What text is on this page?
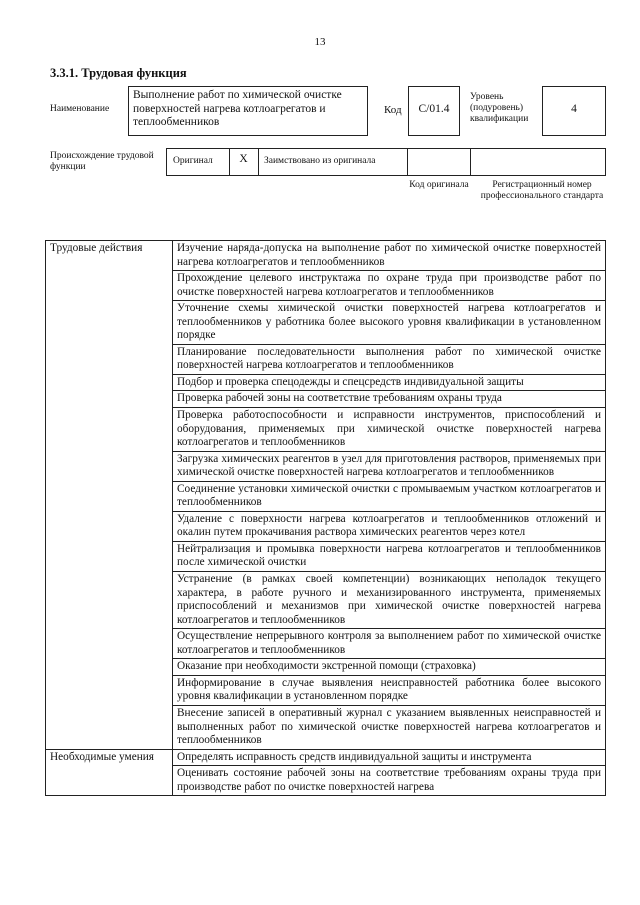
13
3.3.1. Трудовая функция
Наименование
Выполнение работ по химической очистке поверхностей нагрева котлоагрегатов и теплообменников
Код	С/01.4
Уровень (подуровень) квалификации
4
Происхождение трудовой функции
Оригинал	X	Заимствовано из оригинала
Код оригинала	Регистрационный номер профессионального стандарта
Трудовые действия	Изучение наряда-допуска на выполнение работ по химической очистке поверхностей нагрева котлоагрегатов и теплообменников
	Прохождение целевого инструктажа по охране труда при производстве работ по очистке поверхностей нагрева котлоагрегатов и теплообменников
	Уточнение схемы химической очистки поверхностей нагрева котлоагрегатов и теплообменников у работника более высокого уровня квалификации в установленном порядке
	Планирование последовательности выполнения работ по химической очистке поверхностей нагрева котлоагрегатов и теплообменников
	Подбор и проверка спецодежды и спецсредств индивидуальной защиты
	Проверка рабочей зоны на соответствие требованиям охраны труда
	Проверка работоспособности и исправности инструментов, приспособлений и оборудования, применяемых при химической очистке поверхностей нагрева котлоагрегатов и теплообменников
	Загрузка химических реагентов в узел для приготовления растворов, применяемых при химической очистке поверхностей нагрева котлоагрегатов и теплообменников
	Соединение установки химической очистки с промываемым участком котлоагрегатов и теплообменников
	Удаление с поверхности нагрева котлоагрегатов и теплообменников отложений и окалин путем прокачивания раствора химических реагентов через котел
	Нейтрализация и промывка поверхности нагрева котлоагрегатов и теплообменников после химической очистки
	Устранение (в рамках своей компетенции) возникающих неполадок текущего характера, в работе ручного и механизированного инструмента, применяемых приспособлений и механизмов при химической очистке поверхностей нагрева котлоагрегатов и теплообменников
	Осуществление непрерывного контроля за выполнением работ по химической очистке котлоагрегатов и теплообменников
	Оказание при необходимости экстренной помощи (страховка)
	Информирование в случае выявления неисправностей работника более высокого уровня квалификации в установленном порядке
	Внесение записей в оперативный журнал с указанием выявленных неисправностей и выполненных работ по химической очистке поверхностей нагрева котлоагрегатов и теплообменников
Необходимые умения	Определять исправность средств индивидуальной защиты и инструмента
	Оценивать состояние рабочей зоны на соответствие требованиям охраны труда при производстве работ по очистке поверхностей нагрева
